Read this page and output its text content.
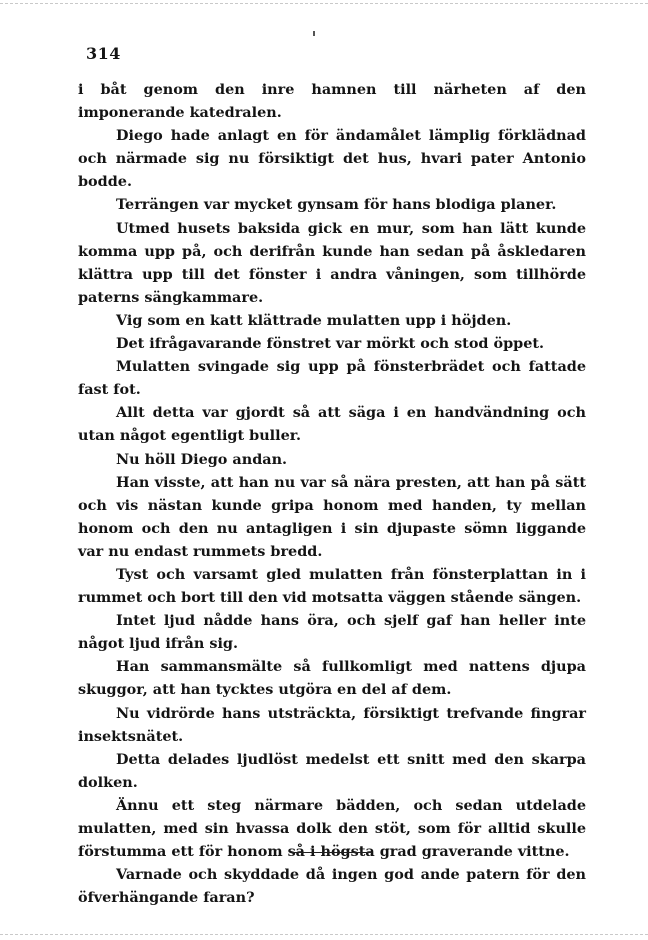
314

i båt genom den inre hamnen till närheten af den imponerande katedralen.

Diego hade anlagt en för ändamålet lämplig förklädnad och närmade sig nu försiktigt det hus, hvari pater Antonio bodde.

Terrängen var mycket gynsam för hans blodiga planer.

Utmed husets baksida gick en mur, som han lätt kunde komma upp på, och derifrån kunde han sedan på åskledaren klättra upp till det fönster i andra våningen, som tillhörde paterns sängkammare.

Vig som en katt klättrade mulatten upp i höjden.

Det ifrågavarande fönstret var mörkt och stod öppet.

Mulatten svingade sig upp på fönsterbrädet och fattade fast fot.

Allt detta var gjordt så att säga i en handvändning och utan något egentligt buller.

Nu höll Diego andan.

Han visste, att han nu var så nära presten, att han på sätt och vis nästan kunde gripa honom med handen, ty mellan honom och den nu antagligen i sin djupaste sömn liggande var nu endast rummets bredd.

Tyst och varsamt gled mulatten från fönsterplattan in i rummet och bort till den vid motsatta väggen stående sängen.

Intet ljud nådde hans öra, och sjelf gaf han heller inte något ljud ifrån sig.

Han sammansmälte så fullkomligt med nattens djupa skuggor, att han tycktes utgöra en del af dem.

Nu vidrörde hans utsträckta, försiktigt trefvande fingrar insektsnätet.

Detta delades ljudlöst medelst ett snitt med den skarpa dolken.

Ännu ett steg närmare bädden, och sedan utdelade mulatten, med sin hvassa dolk den stöt, som för alltid skulle förstumma ett för honom så i högsta grad graverande vittne.

Varnade och skyddade då ingen god ande patern för den öfverhängande faran?
